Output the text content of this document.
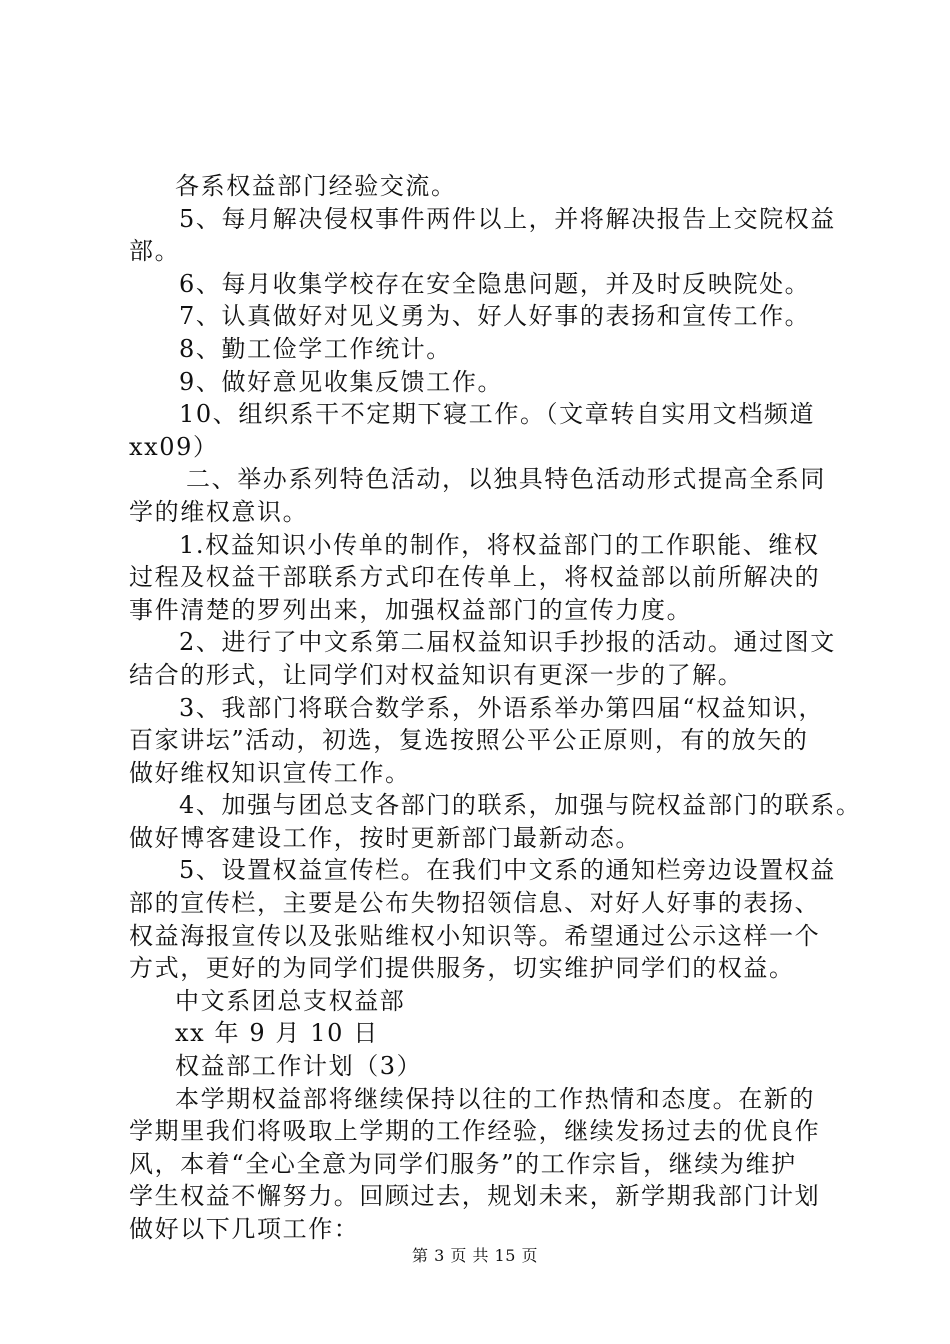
各系权益部门经验交流。
5、每月解决侵权事件两件以上，并将解决报告上交院权益
部。
6、每月收集学校存在安全隐患问题，并及时反映院处。
7、认真做好对见义勇为、好人好事的表扬和宣传工作。
8、勤工俭学工作统计。
9、做好意见收集反馈工作。
10、组织系干不定期下寝工作。（文章转自实用文档频道
xx09）
二、举办系列特色活动，以独具特色活动形式提高全系同
学的维权意识。
1.权益知识小传单的制作，将权益部门的工作职能、维权
过程及权益干部联系方式印在传单上，将权益部以前所解决的
事件清楚的罗列出来，加强权益部门的宣传力度。
2、进行了中文系第二届权益知识手抄报的活动。通过图文
结合的形式，让同学们对权益知识有更深一步的了解。
3、我部门将联合数学系，外语系举办第四届“权益知识，
百家讲坛”活动，初选，复选按照公平公正原则，有的放矢的
做好维权知识宣传工作。
4、加强与团总支各部门的联系，加强与院权益部门的联系。
做好博客建设工作，按时更新部门最新动态。
5、设置权益宣传栏。在我们中文系的通知栏旁边设置权益
部的宣传栏，主要是公布失物招领信息、对好人好事的表扬、
权益海报宣传以及张贴维权小知识等。希望通过公示这样一个
方式，更好的为同学们提供服务，切实维护同学们的权益。
中文系团总支权益部
xx 年 9 月 10 日
权益部工作计划（3）
本学期权益部将继续保持以往的工作热情和态度。在新的
学期里我们将吸取上学期的工作经验，继续发扬过去的优良作
风，本着“全心全意为同学们服务”的工作宗旨，继续为维护
学生权益不懈努力。回顾过去，规划未来，新学期我部门计划
做好以下几项工作：
第 3 页 共 15 页
